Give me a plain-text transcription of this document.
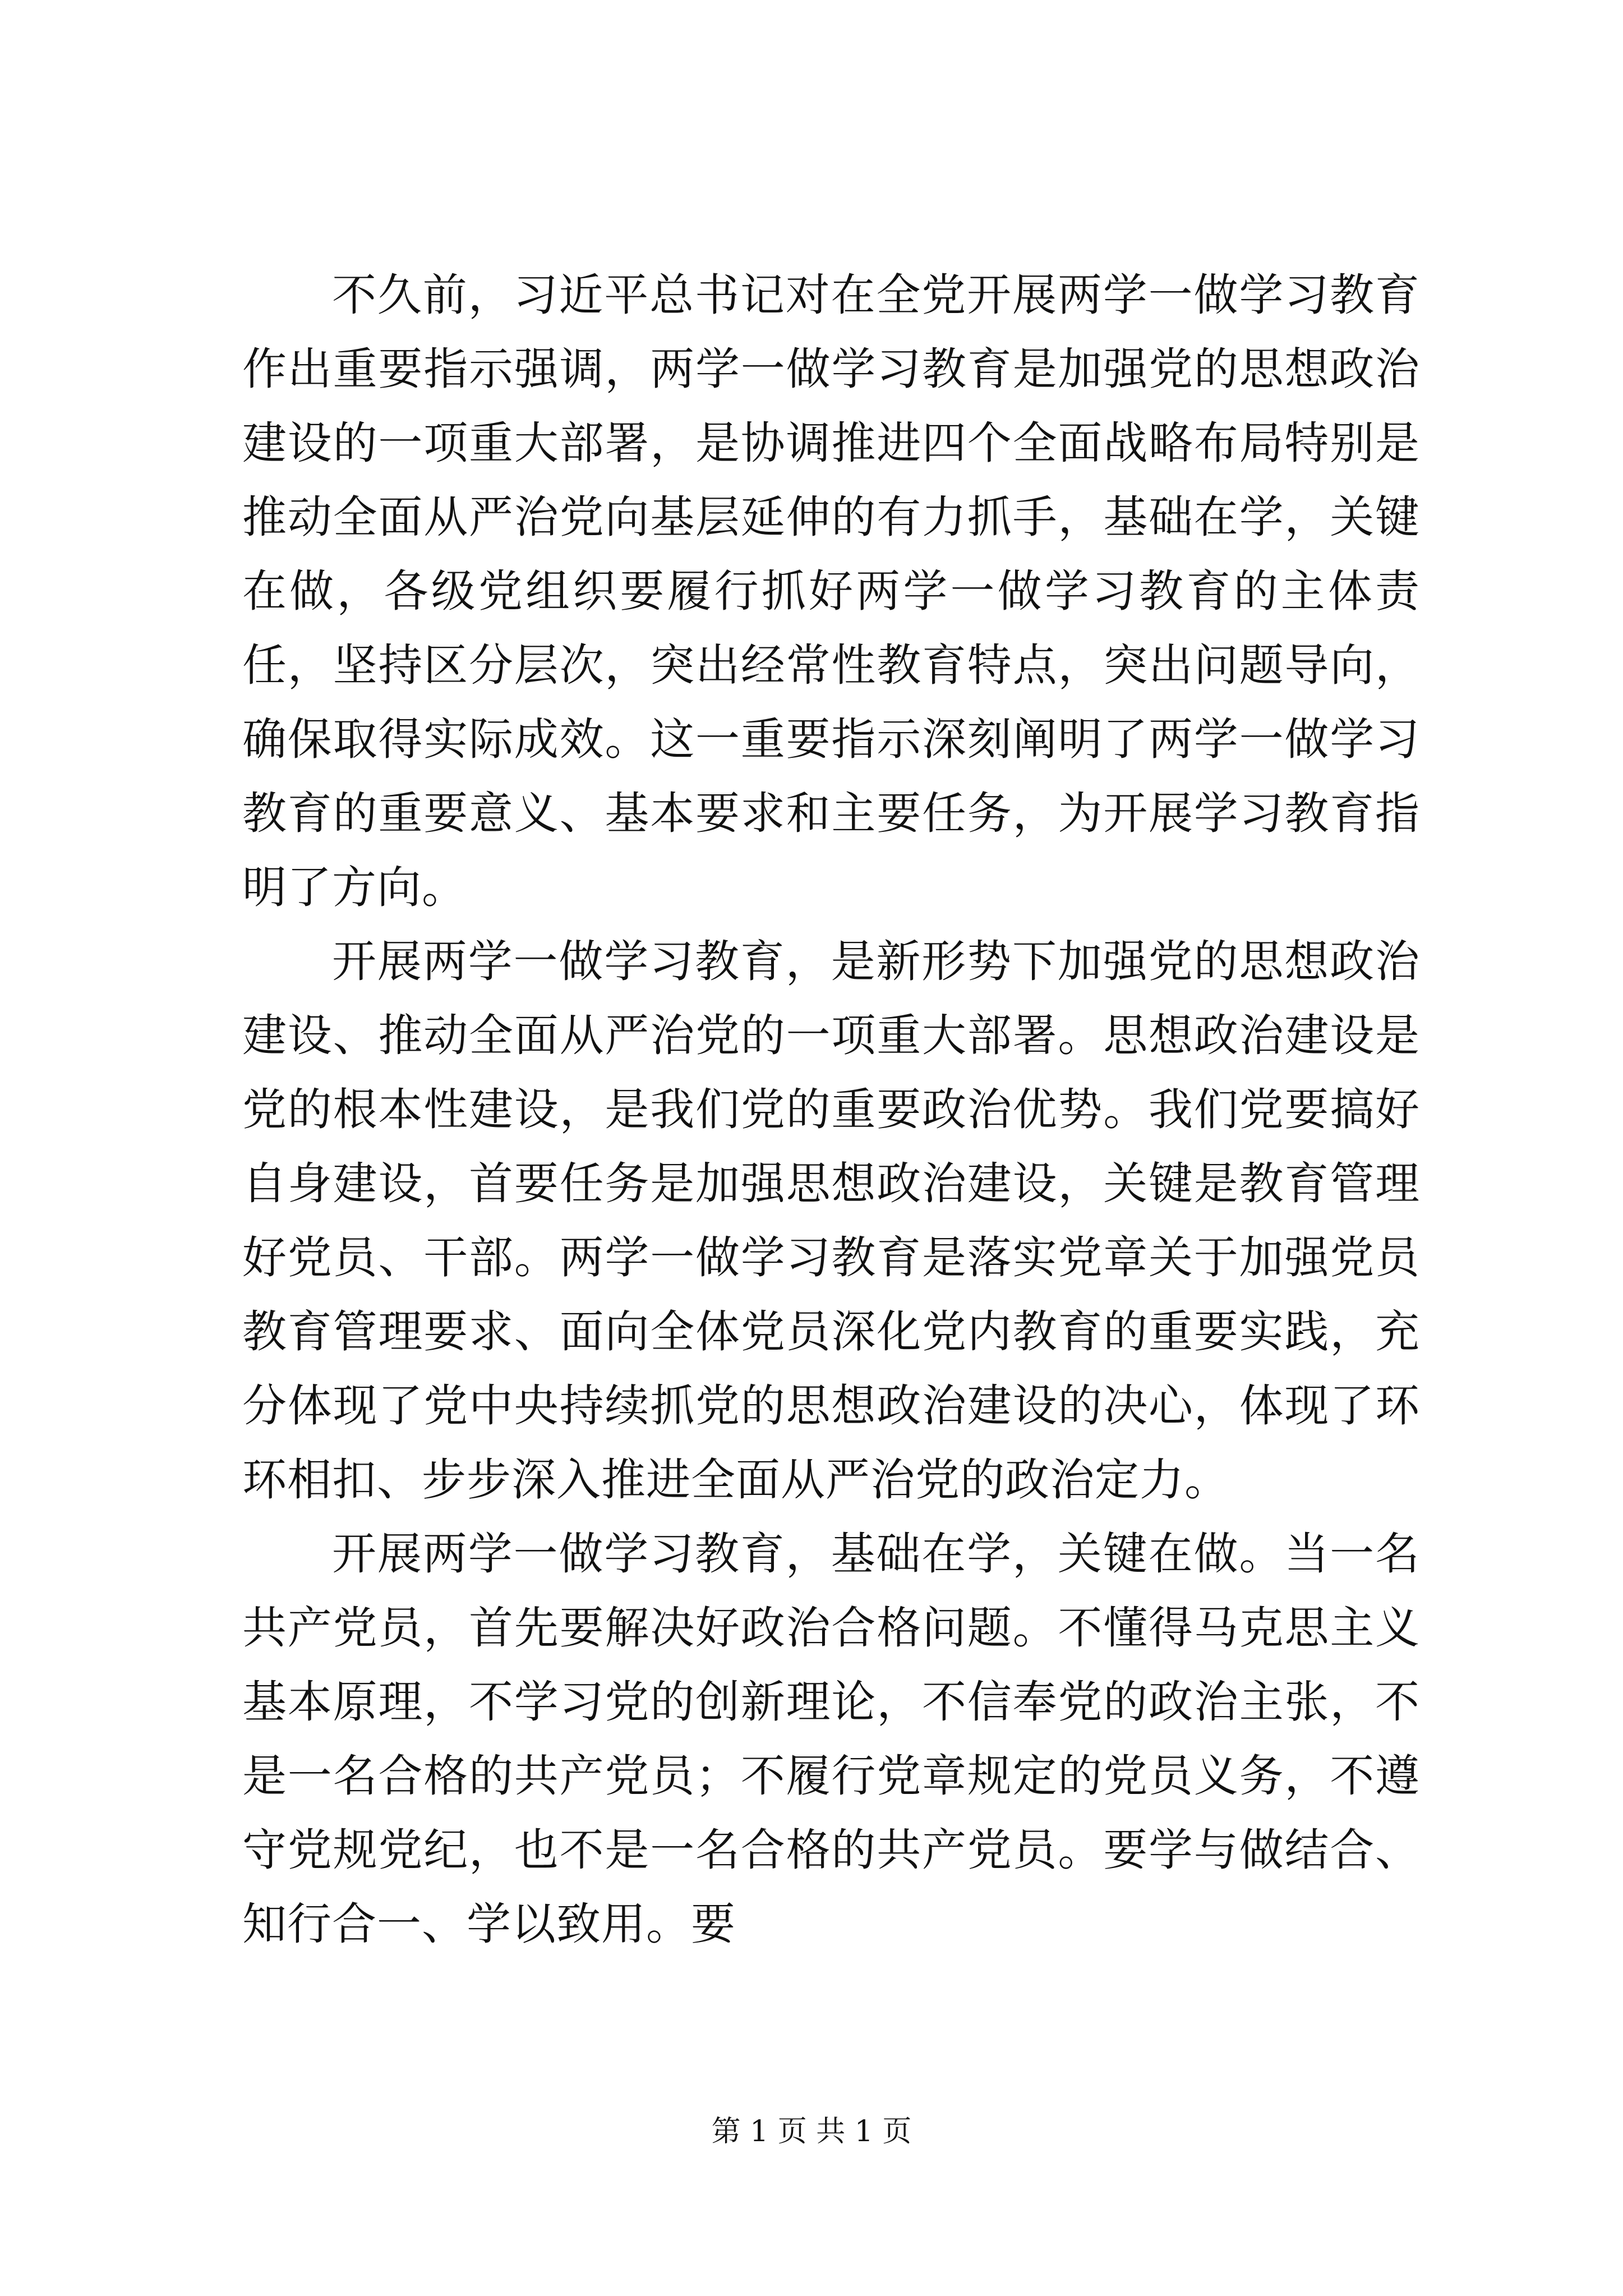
不久前，习近平总书记对在全党开展两学一做学习教育作出重要指示强调，两学一做学习教育是加强党的思想政治建设的一项重大部署，是协调推进四个全面战略布局特别是推动全面从严治党向基层延伸的有力抓手，基础在学，关键在做，各级党组织要履行抓好两学一做学习教育的主体责任，坚持区分层次，突出经常性教育特点，突出问题导向，确保取得实际成效。这一重要指示深刻阐明了两学一做学习教育的重要意义、基本要求和主要任务，为开展学习教育指明了方向。

开展两学一做学习教育，是新形势下加强党的思想政治建设、推动全面从严治党的一项重大部署。思想政治建设是党的根本性建设，是我们党的重要政治优势。我们党要搞好自身建设，首要任务是加强思想政治建设，关键是教育管理好党员、干部。两学一做学习教育是落实党章关于加强党员教育管理要求、面向全体党员深化党内教育的重要实践，充分体现了党中央持续抓党的思想政治建设的决心，体现了环环相扣、步步深入推进全面从严治党的政治定力。

开展两学一做学习教育，基础在学，关键在做。当一名共产党员，首先要解决好政治合格问题。不懂得马克思主义基本原理，不学习党的创新理论，不信奉党的政治主张，不是一名合格的共产党员；不履行党章规定的党员义务，不遵守党规党纪，也不是一名合格的共产党员。要学与做结合、知行合一、学以致用。要

第 1 页 共 1 页
